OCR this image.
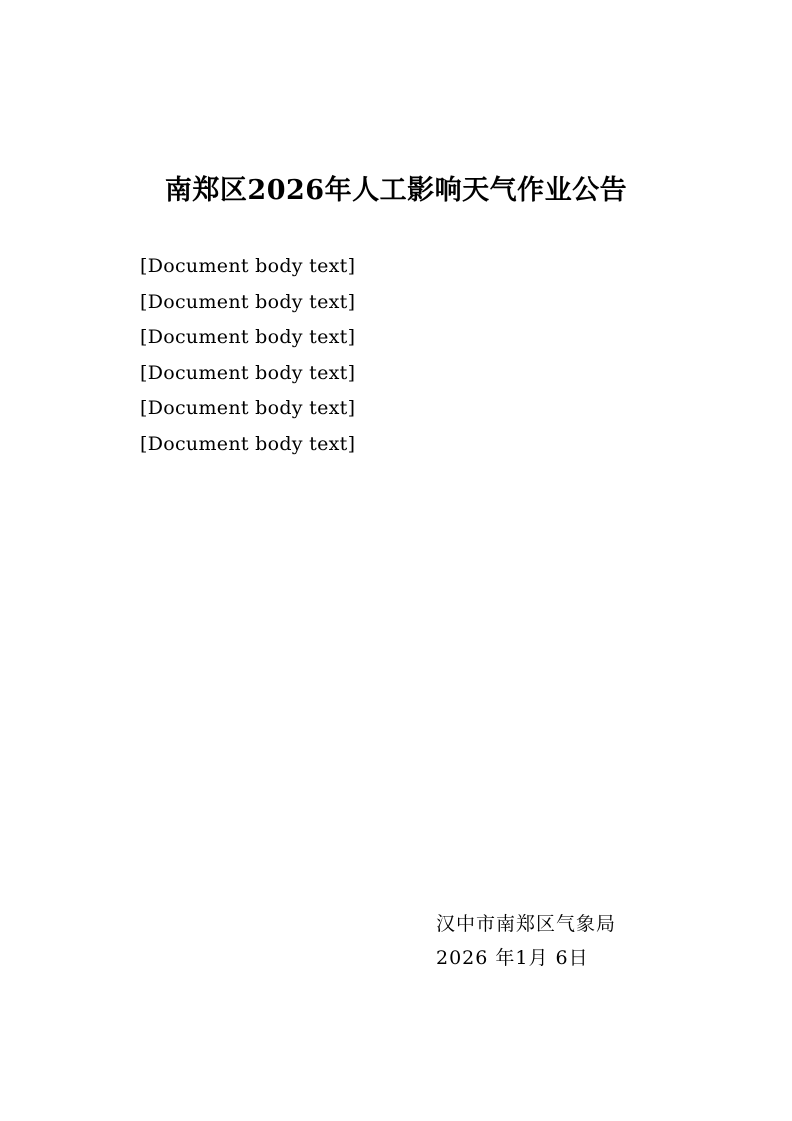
南郑区2026年人工影响天气作业公告

[Document body text]

[Document body text]

[Document body text]

[Document body text]

[Document body text]

[Document body text]

汉中市南郑区气象局
2026 年1月 6日
